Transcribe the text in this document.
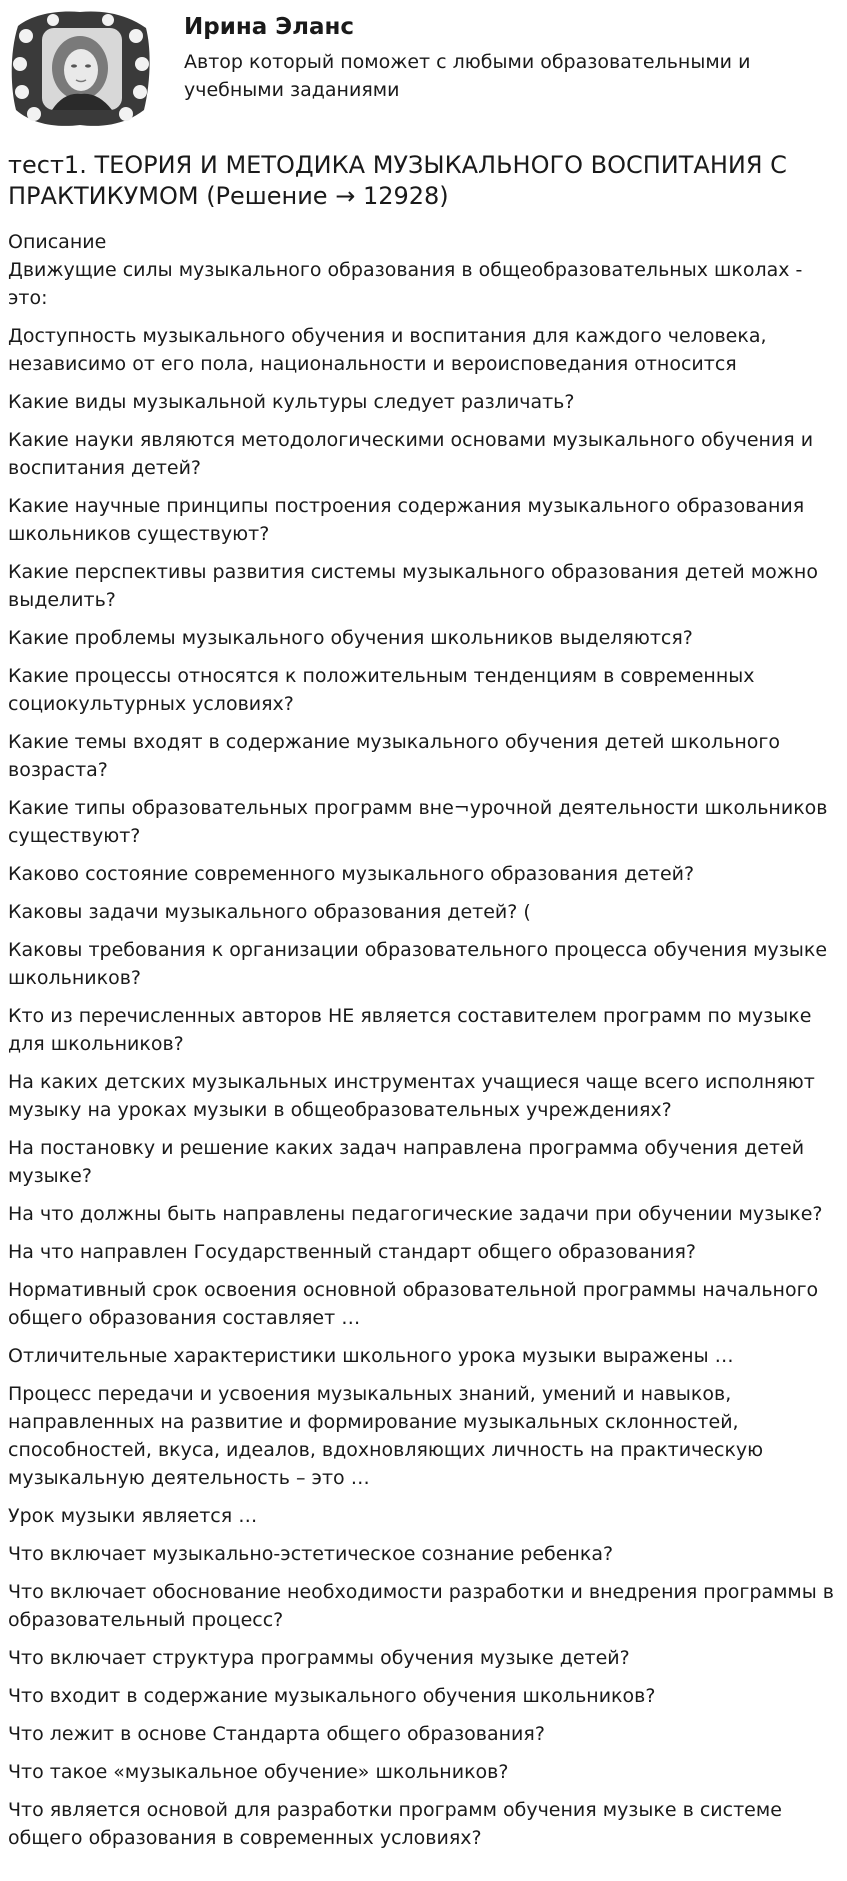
Ирина Эланс
Автор который поможет с любыми образовательными и учебными заданиями
тест1. ТЕОРИЯ И МЕТОДИКА МУЗЫКАЛЬНОГО ВОСПИТАНИЯ С ПРАКТИКУМОМ (Решение → 12928)
Описание
Движущие силы музыкального образования в общеобразовательных школах - это:
Доступность музыкального обучения и воспитания для каждого человека, независимо от его пола, национальности и вероисповедания относится
Какие виды музыкальной культуры следует различать?
Какие науки являются методологическими основами музыкального обучения и воспитания детей?
Какие научные принципы построения содержания музыкального образования школьников существуют?
Какие перспективы развития системы музыкального образования детей можно выделить?
Какие проблемы музыкального обучения школьников выделяются?
Какие процессы относятся к положительным тенденциям в современных социокультурных условиях?
Какие темы входят в содержание музыкального обучения детей школьного возраста?
Какие типы образовательных программ вне¬урочной деятельности школьников существуют?
Каково состояние современного музыкального образования детей?
Каковы задачи музыкального образования детей? (
Каковы требования к организации образовательного процесса обучения музыке школьников?
Кто из перечисленных авторов НЕ является составителем программ по музыке для школьников?
На каких детских музыкальных инструментах учащиеся чаще всего исполняют музыку на уроках музыки в общеобразовательных учреждениях?
На постановку и решение каких задач направлена программа обучения детей музыке?
На что должны быть направлены педагогические задачи при обучении музыке?
На что направлен Государственный стандарт общего образования?
Нормативный срок освоения основной образовательной программы начального общего образования составляет …
Отличительные характеристики школьного урока музыки выражены …
Процесс передачи и усвоения музыкальных знаний, умений и навыков, направленных на развитие и формирование музыкальных склонностей, способностей, вкуса, идеалов, вдохновляющих личность на практическую музыкальную деятельность – это …
Урок музыки является …
Что включает музыкально-эстетическое сознание ребенка?
Что включает обоснование необходимости разработки и внедрения программы в образовательный процесс?
Что включает структура программы обучения музыке детей?
Что входит в содержание музыкального обучения школьников?
Что лежит в основе Стандарта общего образования?
Что такое «музыкальное обучение» школьников?
Что является основой для разработки программ обучения музыке в системе общего образования в современных условиях?
